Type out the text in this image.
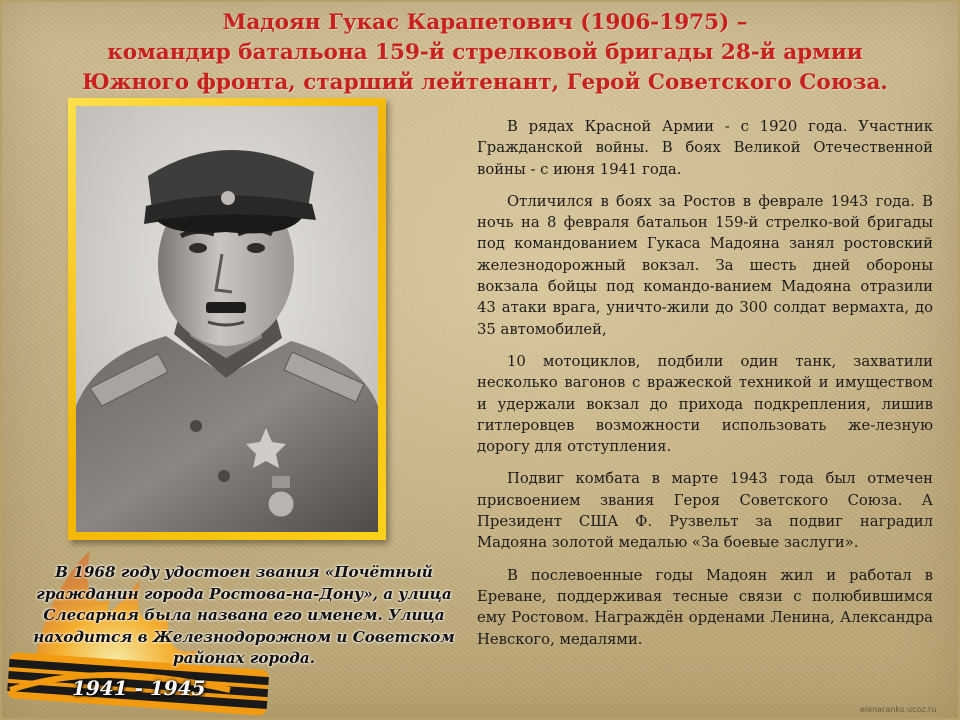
Мадоян Гукас Карапетович (1906-1975) –
командир батальона 159-й стрелковой бригады 28-й армии
Южного фронта, старший лейтенант, Герой Советского Союза.

В рядах Красной Армии - с 1920 года. Участник Гражданской войны. В боях Великой Отечественной войны - с июня 1941 года.

Отличился в боях за Ростов в феврале 1943 года. В ночь на 8 февраля батальон 159-й стрелко-вой бригады под командованием Гукаса Мадояна занял ростовский железнодорожный вокзал. За шесть дней обороны вокзала бойцы под командо-ванием Мадояна отразили 43 атаки врага, уничто-жили до 300 солдат вермахта, до 35 автомобилей,

10 мотоциклов, подбили один танк, захватили несколько вагонов с вражеской техникой и имуществом и удержали вокзал до прихода подкрепления, лишив гитлеровцев возможности использовать же-лезную дорогу для отступления.

Подвиг комбата в марте 1943 года был отмечен присвоением звания Героя Советского Союза. А Президент США Ф. Рузвельт за подвиг наградил Мадояна золотой медалью «За боевые заслуги».

В послевоенные годы Мадоян жил и работал в Ереване, поддерживая тесные связи с полюбившимся ему Ростовом. Награждён орденами Ленина, Александра Невского, медалями.

1941 - 1945
В 1968 году удостоен звания «Почётный гражданин города Ростова-на-Дону», а улица Слесарная была названа его именем. Улица находится в Железнодорожном и Советском районах города.
elenaranko.ucoz.ru
